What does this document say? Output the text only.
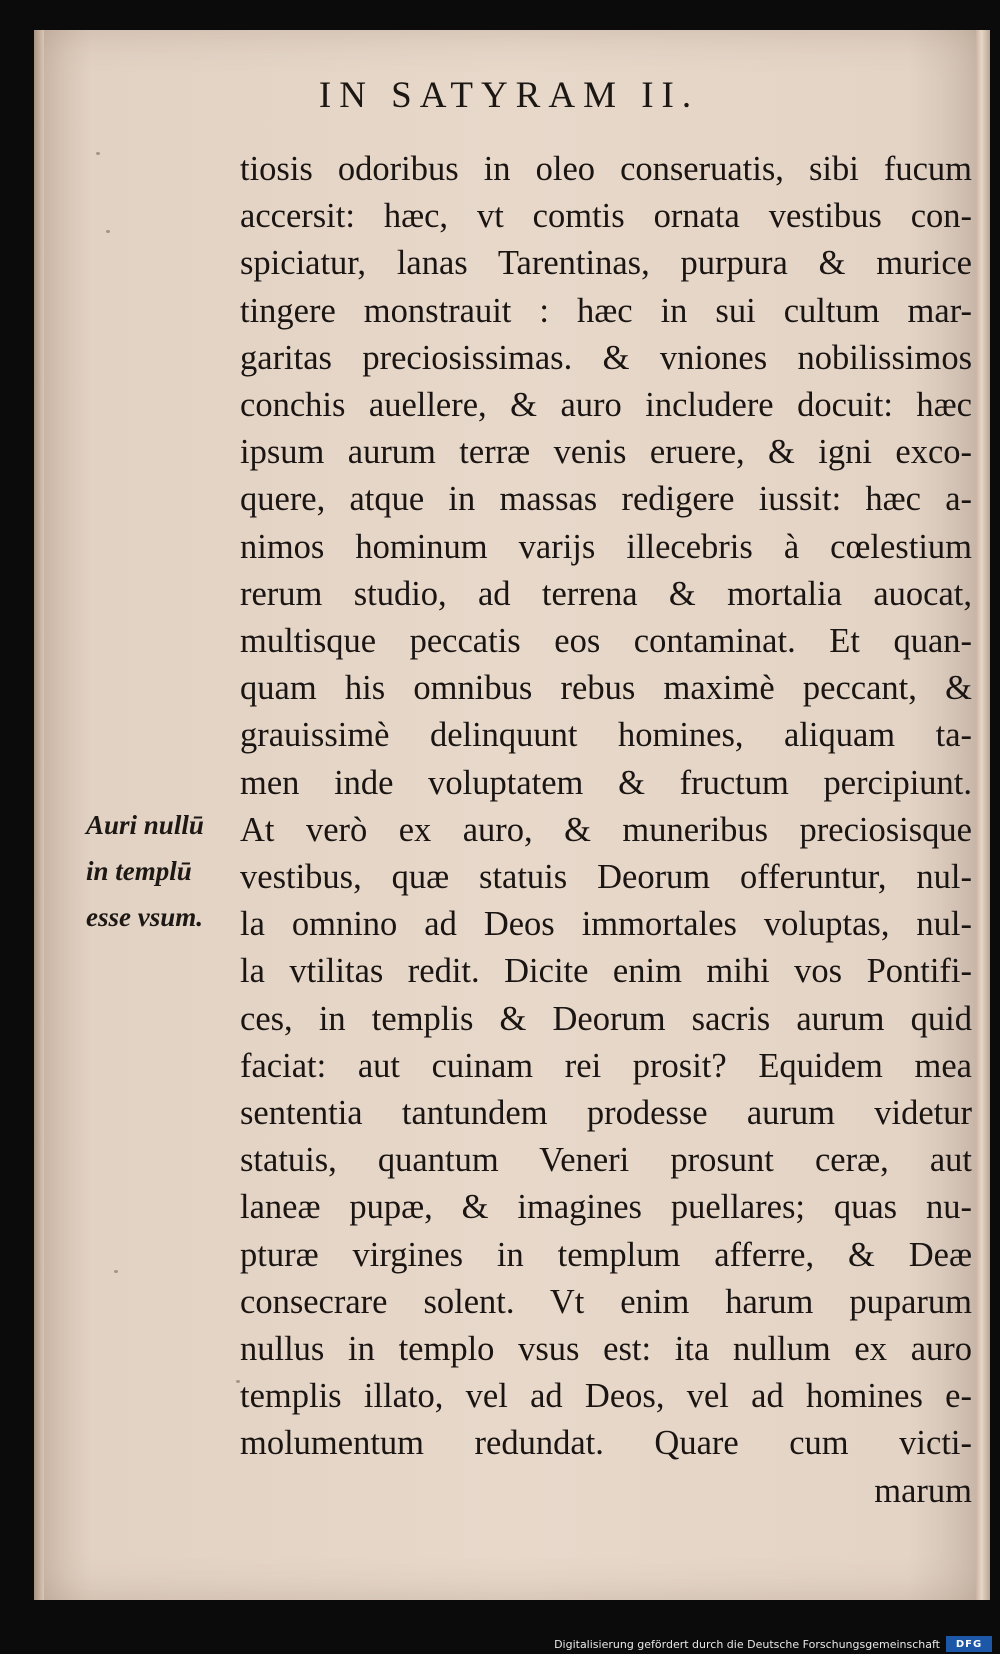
IN SATYRAM II.
tiosis odoribus in oleo conseruatis, sibi fucum
accersit: hæc, vt comtis ornata vestibus con-
spiciatur, lanas Tarentinas, purpura & murice
tingere monstrauit : hæc in sui cultum mar-
garitas preciosissimas. & vniones nobilissimos
conchis auellere, & auro includere docuit: hæc
ipsum aurum terræ venis eruere, & igni exco-
quere, atque in massas redigere iussit: hæc a-
nimos hominum varijs illecebris à cœlestium
rerum studio, ad terrena & mortalia auocat,
multisque peccatis eos contaminat. Et quan-
quam his omnibus rebus maximè peccant, &
grauissimè delinquunt homines, aliquam ta-
men inde voluptatem & fructum percipiunt.
At verò ex auro, & muneribus preciosisque
vestibus, quæ statuis Deorum offeruntur, nul-
la omnino ad Deos immortales voluptas, nul-
la vtilitas redit. Dicite enim mihi vos Pontifi-
ces, in templis & Deorum sacris aurum quid
faciat: aut cuinam rei prosit? Equidem mea
sententia tantundem prodesse aurum videtur
statuis, quantum Veneri prosunt ceræ, aut
laneæ pupæ, & imagines puellares; quas nu-
pturæ virgines in templum afferre, & Deæ
consecrare solent. Vt enim harum puparum
nullus in templo vsus est: ita nullum ex auro
templis illato, vel ad Deos, vel ad homines e-
molumentum redundat. Quare cum victi-
marum
Auri nullū
in templū
esse vsum.
Digitalisierung gefördert durch die Deutsche Forschungsgemeinschaft	DFG
